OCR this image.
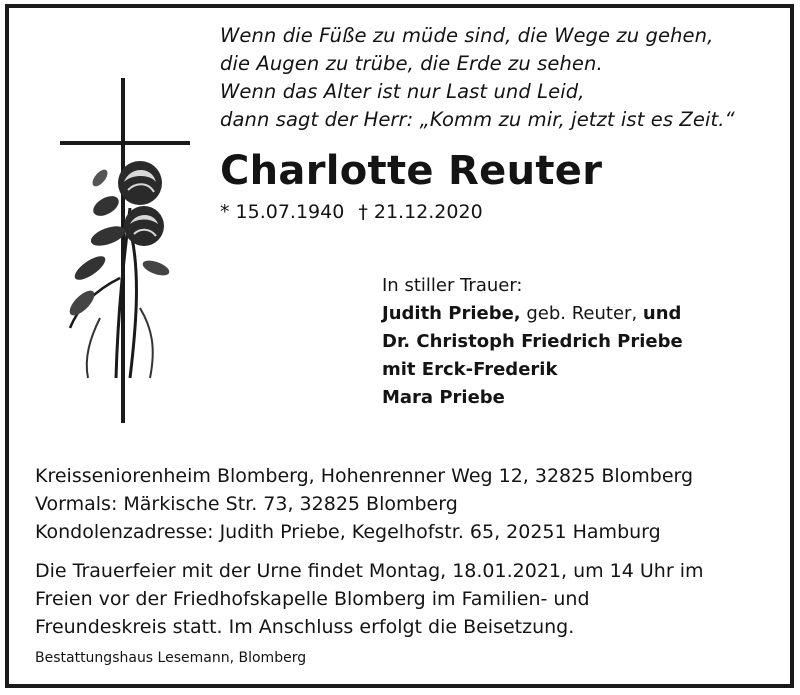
Wenn die Füße zu müde sind, die Wege zu gehen,
die Augen zu trübe, die Erde zu sehen.
Wenn das Alter ist nur Last und Leid,
dann sagt der Herr: „Komm zu mir, jetzt ist es Zeit.“
Charlotte Reuter
* 15.07.1940 † 21.12.2020
In stiller Trauer:
Judith Priebe, geb. Reuter, und
Dr. Christoph Friedrich Priebe
mit Erck-Frederik
Mara Priebe
Kreisseniorenheim Blomberg, Hohenrenner Weg 12, 32825 Blomberg
Vormals: Märkische Str. 73, 32825 Blomberg
Kondolenzadresse: Judith Priebe, Kegelhofstr. 65, 20251 Hamburg
Die Trauerfeier mit der Urne findet Montag, 18.01.2021, um 14 Uhr im
Freien vor der Friedhofskapelle Blomberg im Familien- und
Freundeskreis statt. Im Anschluss erfolgt die Beisetzung.
Bestattungshaus Lesemann, Blomberg
